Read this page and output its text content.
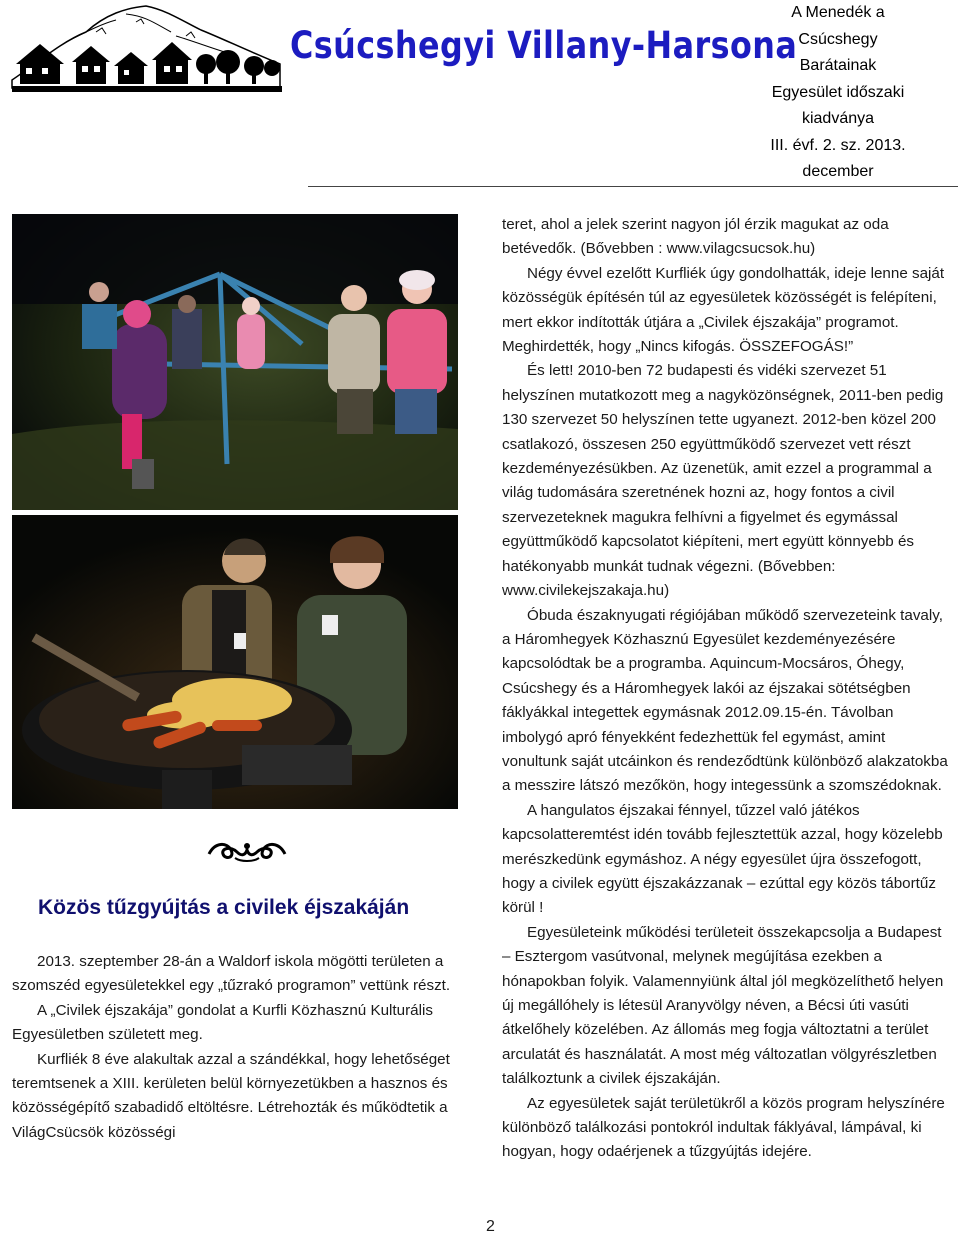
Csúcshegyi Villany-Harsona
A Menedék a
Csúcshegy Barátainak
Egyesület időszaki
kiadványa
III. évf. 2. sz. 2013.
december
Közös tűzgyújtás a civilek éjszakáján

2013. szeptember 28-án a Waldorf iskola mögötti területen a szomszéd egyesületekkel egy „tűzrakó programon” vettünk részt.

A „Civilek éjszakája” gondolat a Kurfli Közhasznú Kulturális Egyesületben született meg.

Kurfliék 8 éve alakultak azzal a szándékkal, hogy lehetőséget teremtsenek a XIII. kerületen belül környezetükben a hasznos és közösségépítő szabadidő eltöltésre. Létrehozták és működtetik a VilágCsücsök közösségi

teret, ahol a jelek szerint nagyon jól érzik magukat az oda betévedők. (Bővebben : www.vilagcsucsok.hu)

Négy évvel ezelőtt Kurfliék úgy gondolhatták, ideje lenne saját közösségük építésén túl az egyesületek közösségét is felépíteni, mert ekkor indították útjára a „Civilek éjszakája” programot. Meghirdették, hogy „Nincs kifogás. ÖSSZEFOGÁS!”

És lett! 2010-ben 72 budapesti és vidéki szervezet 51 helyszínen mutatkozott meg a nagyközönségnek, 2011-ben pedig 130 szervezet 50 helyszínen tette ugyanezt. 2012-ben közel 200 csatlakozó, összesen 250 együttműködő szervezet vett részt kezdeményezésükben. Az üzenetük, amit ezzel a programmal a világ tudomására szeretnének hozni az, hogy fontos a civil szervezeteknek magukra felhívni a figyelmet és egymással együttműködő kapcsolatot kiépíteni, mert együtt könnyebb és hatékonyabb munkát tudnak végezni. (Bővebben: www.civilekejszakaja.hu)

Óbuda északnyugati régiójában működő szervezeteink tavaly, a Háromhegyek Közhasznú Egyesület kezdeményezésére kapcsolódtak be a programba. Aquincum-Mocsáros, Óhegy, Csúcshegy és a Háromhegyek lakói az éjszakai sötétségben fáklyákkal integettek egymásnak 2012.09.15-én. Távolban imbolygó apró fényekként fedezhettük fel egymást, amint vonultunk saját utcáinkon és rendeződtünk különböző alakzatokba a messzire látszó mezőkön, hogy integessünk a szomszédoknak.

A hangulatos éjszakai fénnyel, tűzzel való játékos kapcsolatteremtést idén tovább fejlesztettük azzal, hogy közelebb merészkedünk egymáshoz. A négy egyesület újra összefogott, hogy a civilek együtt éjszakázzanak – ezúttal egy közös tábortűz körül !

Egyesületeink működési területeit összekapcsolja a Budapest – Esztergom vasútvonal, melynek megújítása ezekben a hónapokban folyik. Valamennyiünk által jól megközelíthető helyen új megállóhely is létesül Aranyvölgy néven, a Bécsi úti vasúti átkelőhely közelében. Az állomás meg fogja változtatni a terület arculatát és használatát. A most még változatlan völgyrészletben találkoztunk a civilek éjszakáján.

Az egyesületek saját területükről a közös program helyszínére különböző találkozási pontokról indultak fáklyával, lámpával, ki hogyan, hogy odaérjenek a tűzgyújtás idejére.

2
